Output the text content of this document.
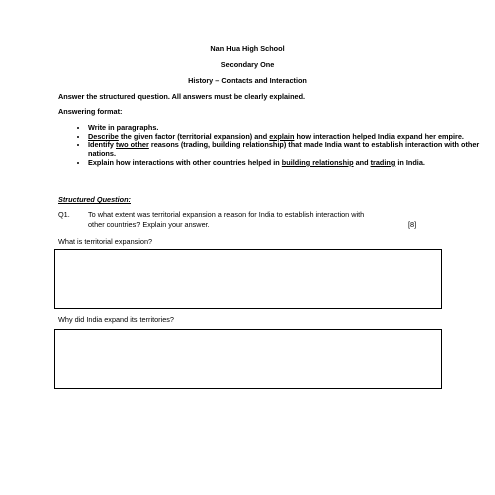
Nan Hua High School
Secondary One
History – Contacts and Interaction
Answer the structured question. All answers must be clearly explained.
Answering format:
• Write in paragraphs.
• Describe the given factor (territorial expansion) and explain how interaction helped India expand her empire.
• Identify two other reasons (trading, building relationship) that made India want to establish interaction with other nations.
• Explain how interactions with other countries helped in building relationship and trading in India.
Structured Question:
Q1. To what extent was territorial expansion a reason for India to establish interaction with
other countries? Explain your answer.	[8]
What is territorial expansion?
Why did India expand its territories?
